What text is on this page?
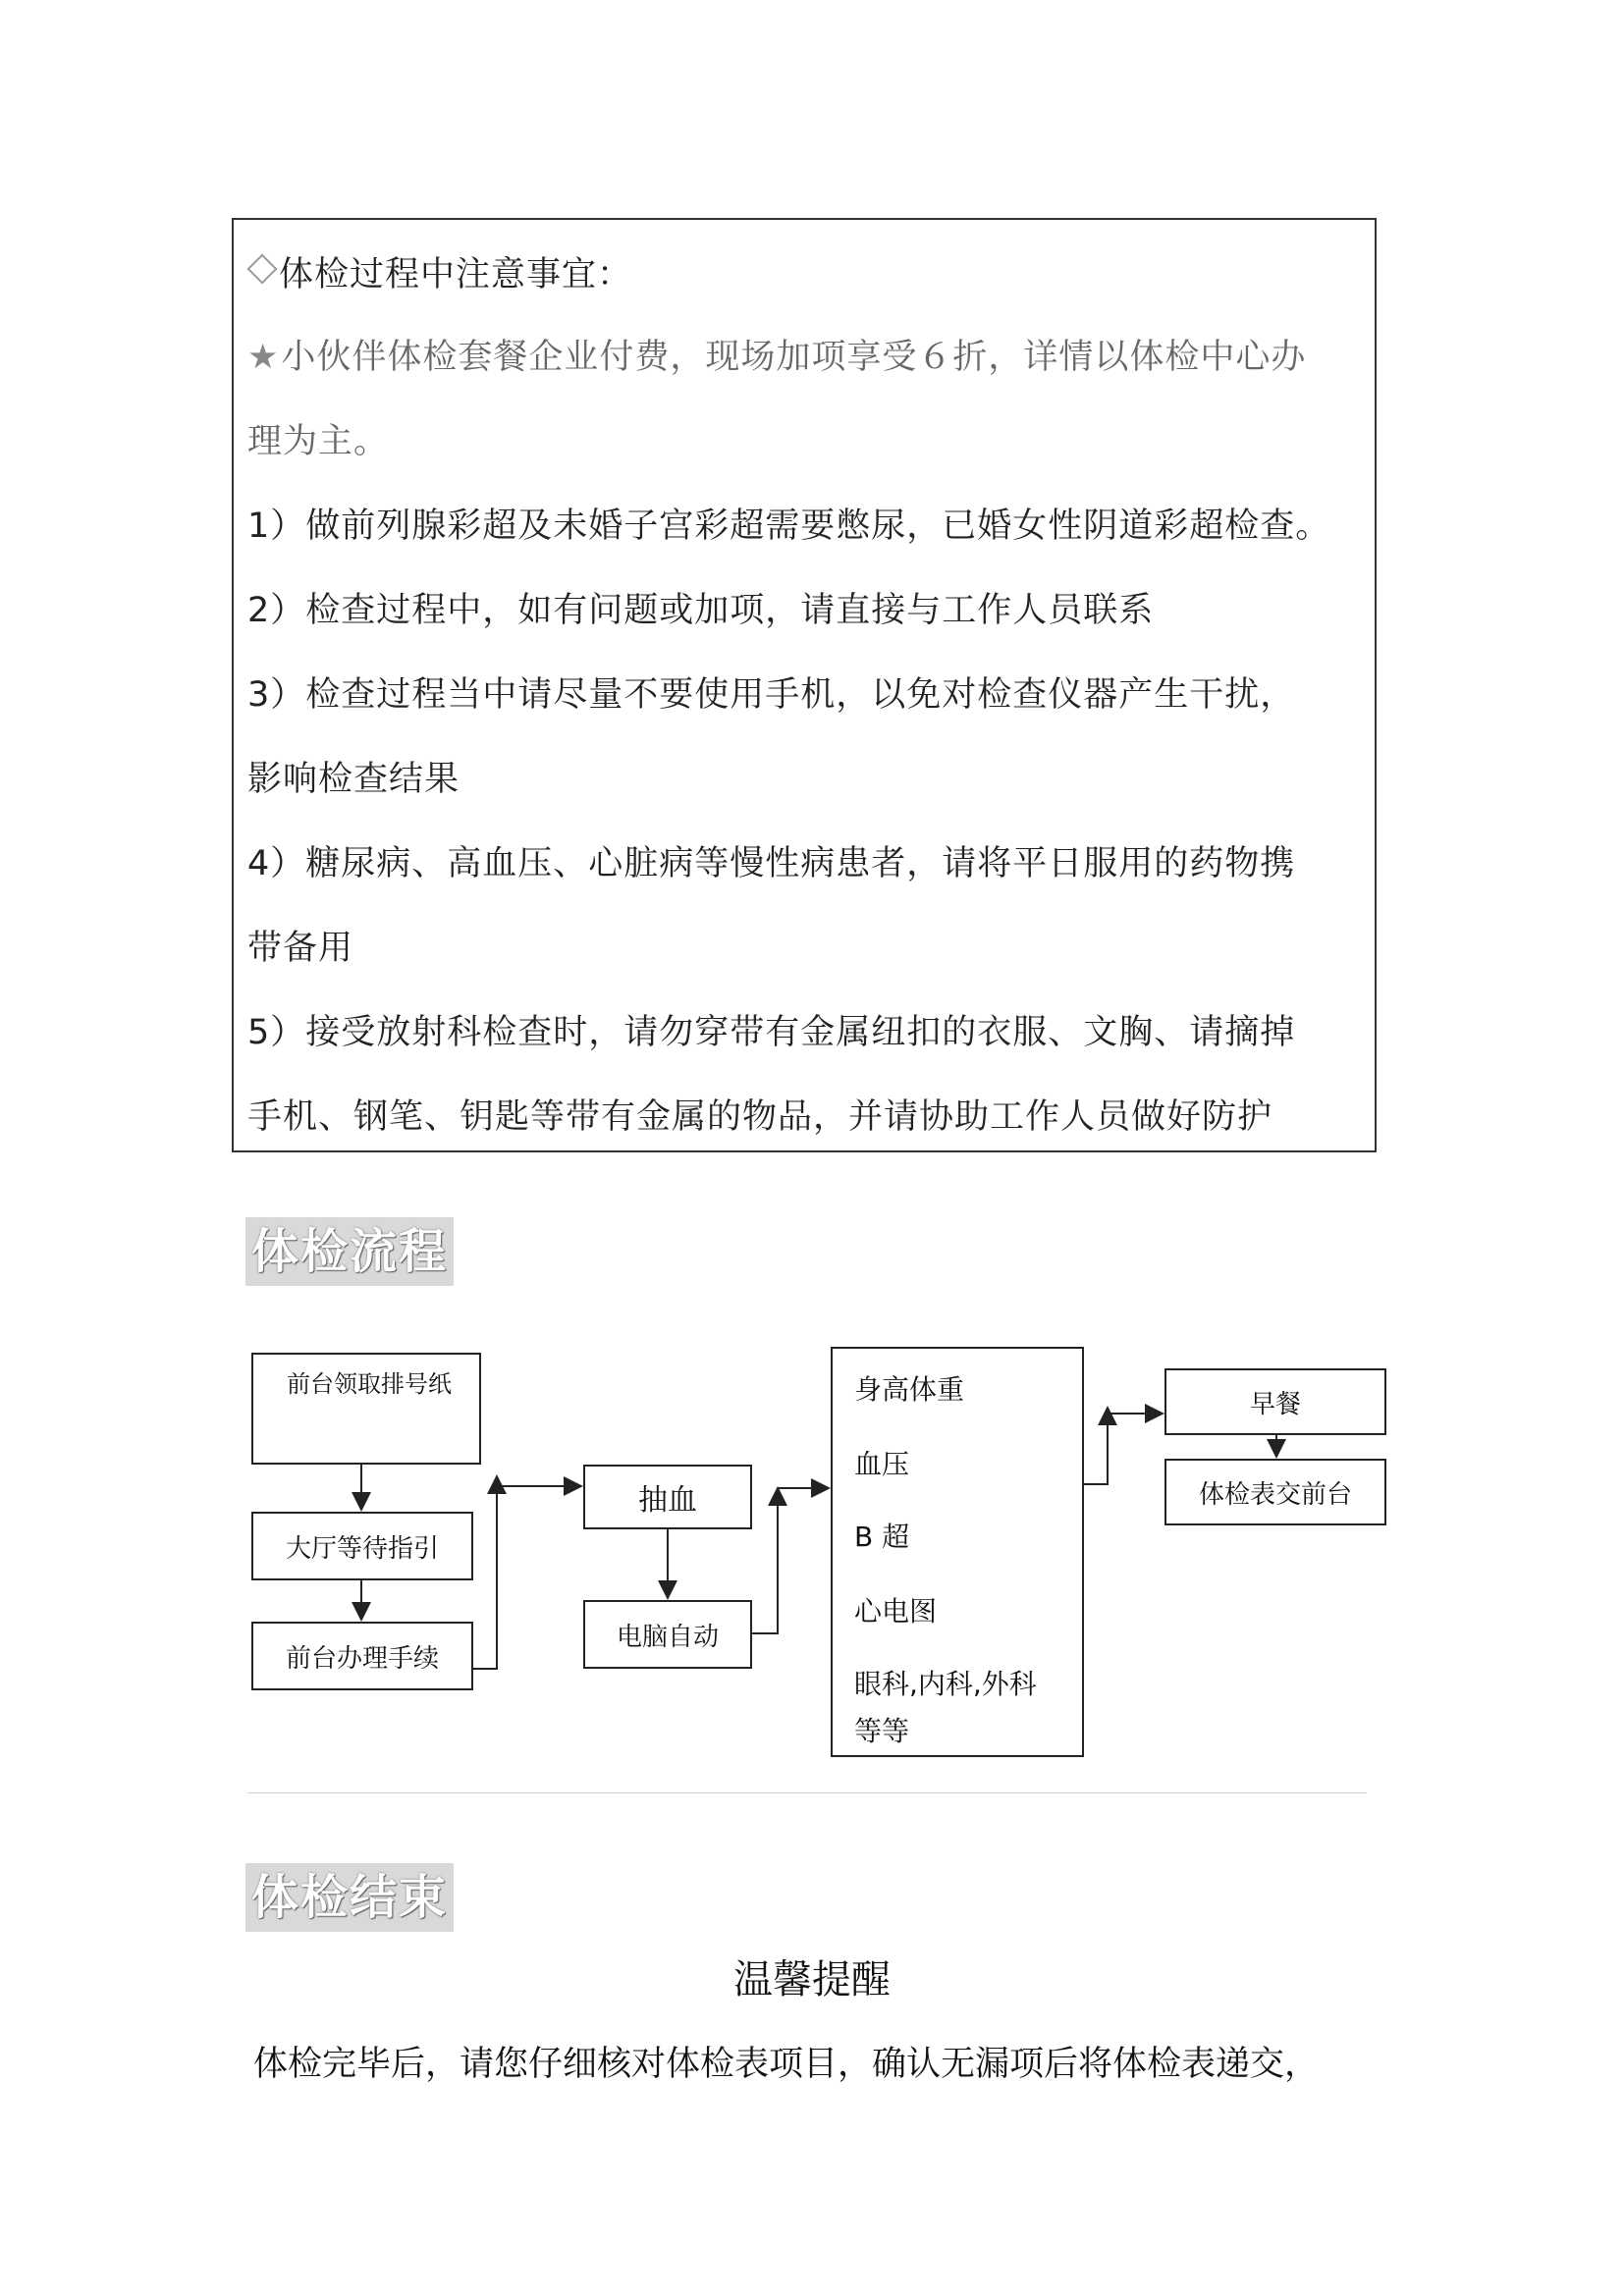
体检过程中注意事宜：
★小伙伴体检套餐企业付费，现场加项享受６折，详情以体检中心办
理为主。
1）做前列腺彩超及未婚子宫彩超需要憋尿，已婚女性阴道彩超检查。
2）检查过程中，如有问题或加项，请直接与工作人员联系
3）检查过程当中请尽量不要使用手机，以免对检查仪器产生干扰，
影响检查结果
4）糖尿病、高血压、心脏病等慢性病患者，请将平日服用的药物携
带备用
5）接受放射科检查时，请勿穿带有金属纽扣的衣服、文胸、请摘掉
手机、钢笔、钥匙等带有金属的物品，并请协助工作人员做好防护
体检流程
前台领取排号纸
大厅等待指引
前台办理手续
抽血
电脑自动
身高体重
血压
B 超
心电图
眼科,内科,外科
等等
早餐
体检表交前台
体检结束
温馨提醒
体检完毕后，请您仔细核对体检表项目，确认无漏项后将体检表递交，
